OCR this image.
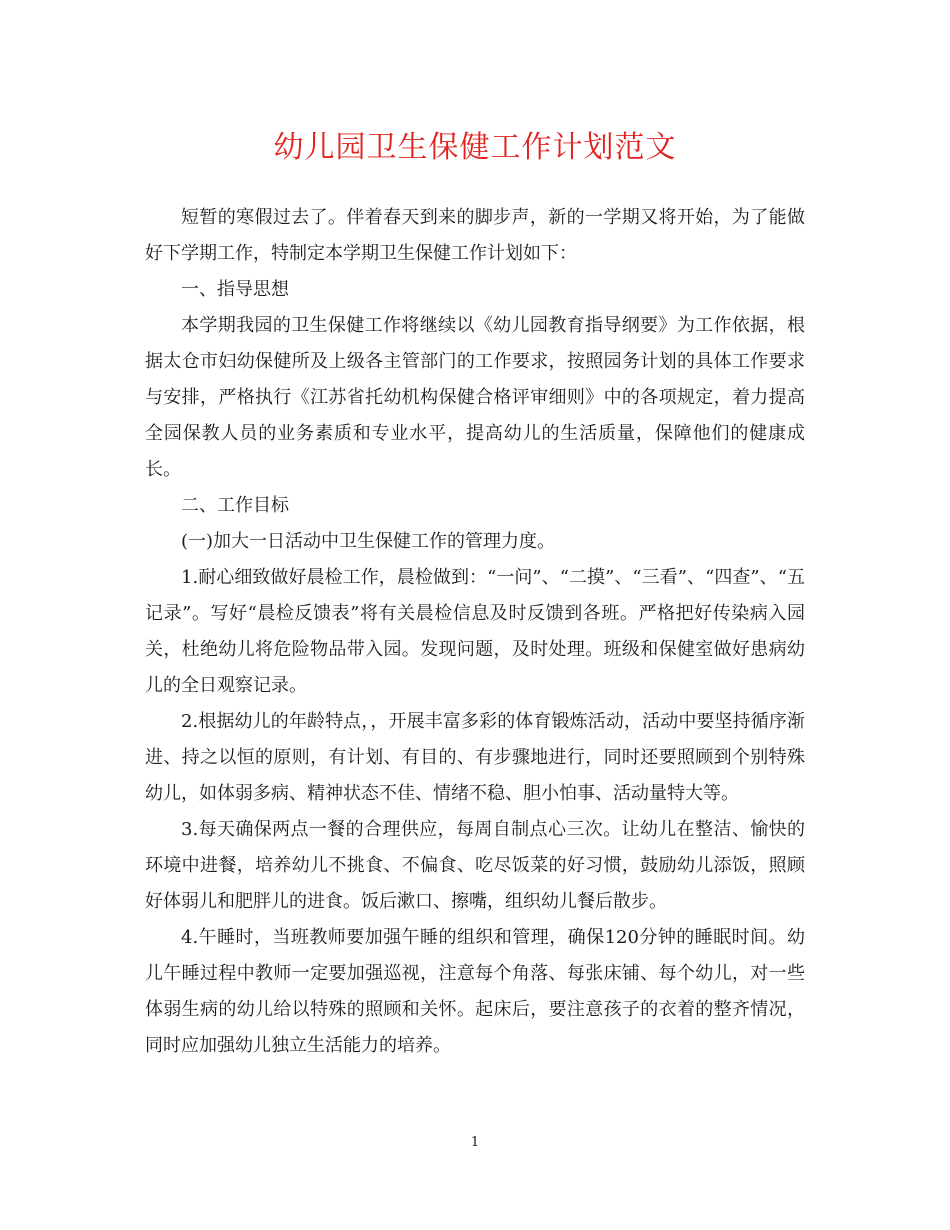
幼儿园卫生保健工作计划范文

短暂的寒假过去了。伴着春天到来的脚步声，新的一学期又将开始，为了能做好下学期工作，特制定本学期卫生保健工作计划如下：

一、指导思想

本学期我园的卫生保健工作将继续以《幼儿园教育指导纲要》为工作依据，根据太仓市妇幼保健所及上级各主管部门的工作要求，按照园务计划的具体工作要求与安排，严格执行《江苏省托幼机构保健合格评审细则》中的各项规定，着力提高全园保教人员的业务素质和专业水平，提高幼儿的生活质量，保障他们的健康成长。

二、工作目标

(一)加大一日活动中卫生保健工作的管理力度。

1.耐心细致做好晨检工作，晨检做到：“一问”、“二摸”、“三看”、“四查”、“五记录”。写好“晨检反馈表”将有关晨检信息及时反馈到各班。严格把好传染病入园关，杜绝幼儿将危险物品带入园。发现问题，及时处理。班级和保健室做好患病幼儿的全日观察记录。

2.根据幼儿的年龄特点，，开展丰富多彩的体育锻炼活动，活动中要坚持循序渐进、持之以恒的原则，有计划、有目的、有步骤地进行，同时还要照顾到个别特殊幼儿，如体弱多病、精神状态不佳、情绪不稳、胆小怕事、活动量特大等。

3.每天确保两点一餐的合理供应，每周自制点心三次。让幼儿在整洁、愉快的环境中进餐，培养幼儿不挑食、不偏食、吃尽饭菜的好习惯，鼓励幼儿添饭，照顾好体弱儿和肥胖儿的进食。饭后漱口、擦嘴，组织幼儿餐后散步。

4.午睡时，当班教师要加强午睡的组织和管理，确保120分钟的睡眠时间。幼儿午睡过程中教师一定要加强巡视，注意每个角落、每张床铺、每个幼儿，对一些体弱生病的幼儿给以特殊的照顾和关怀。起床后，要注意孩子的衣着的整齐情况，同时应加强幼儿独立生活能力的培养。

1
